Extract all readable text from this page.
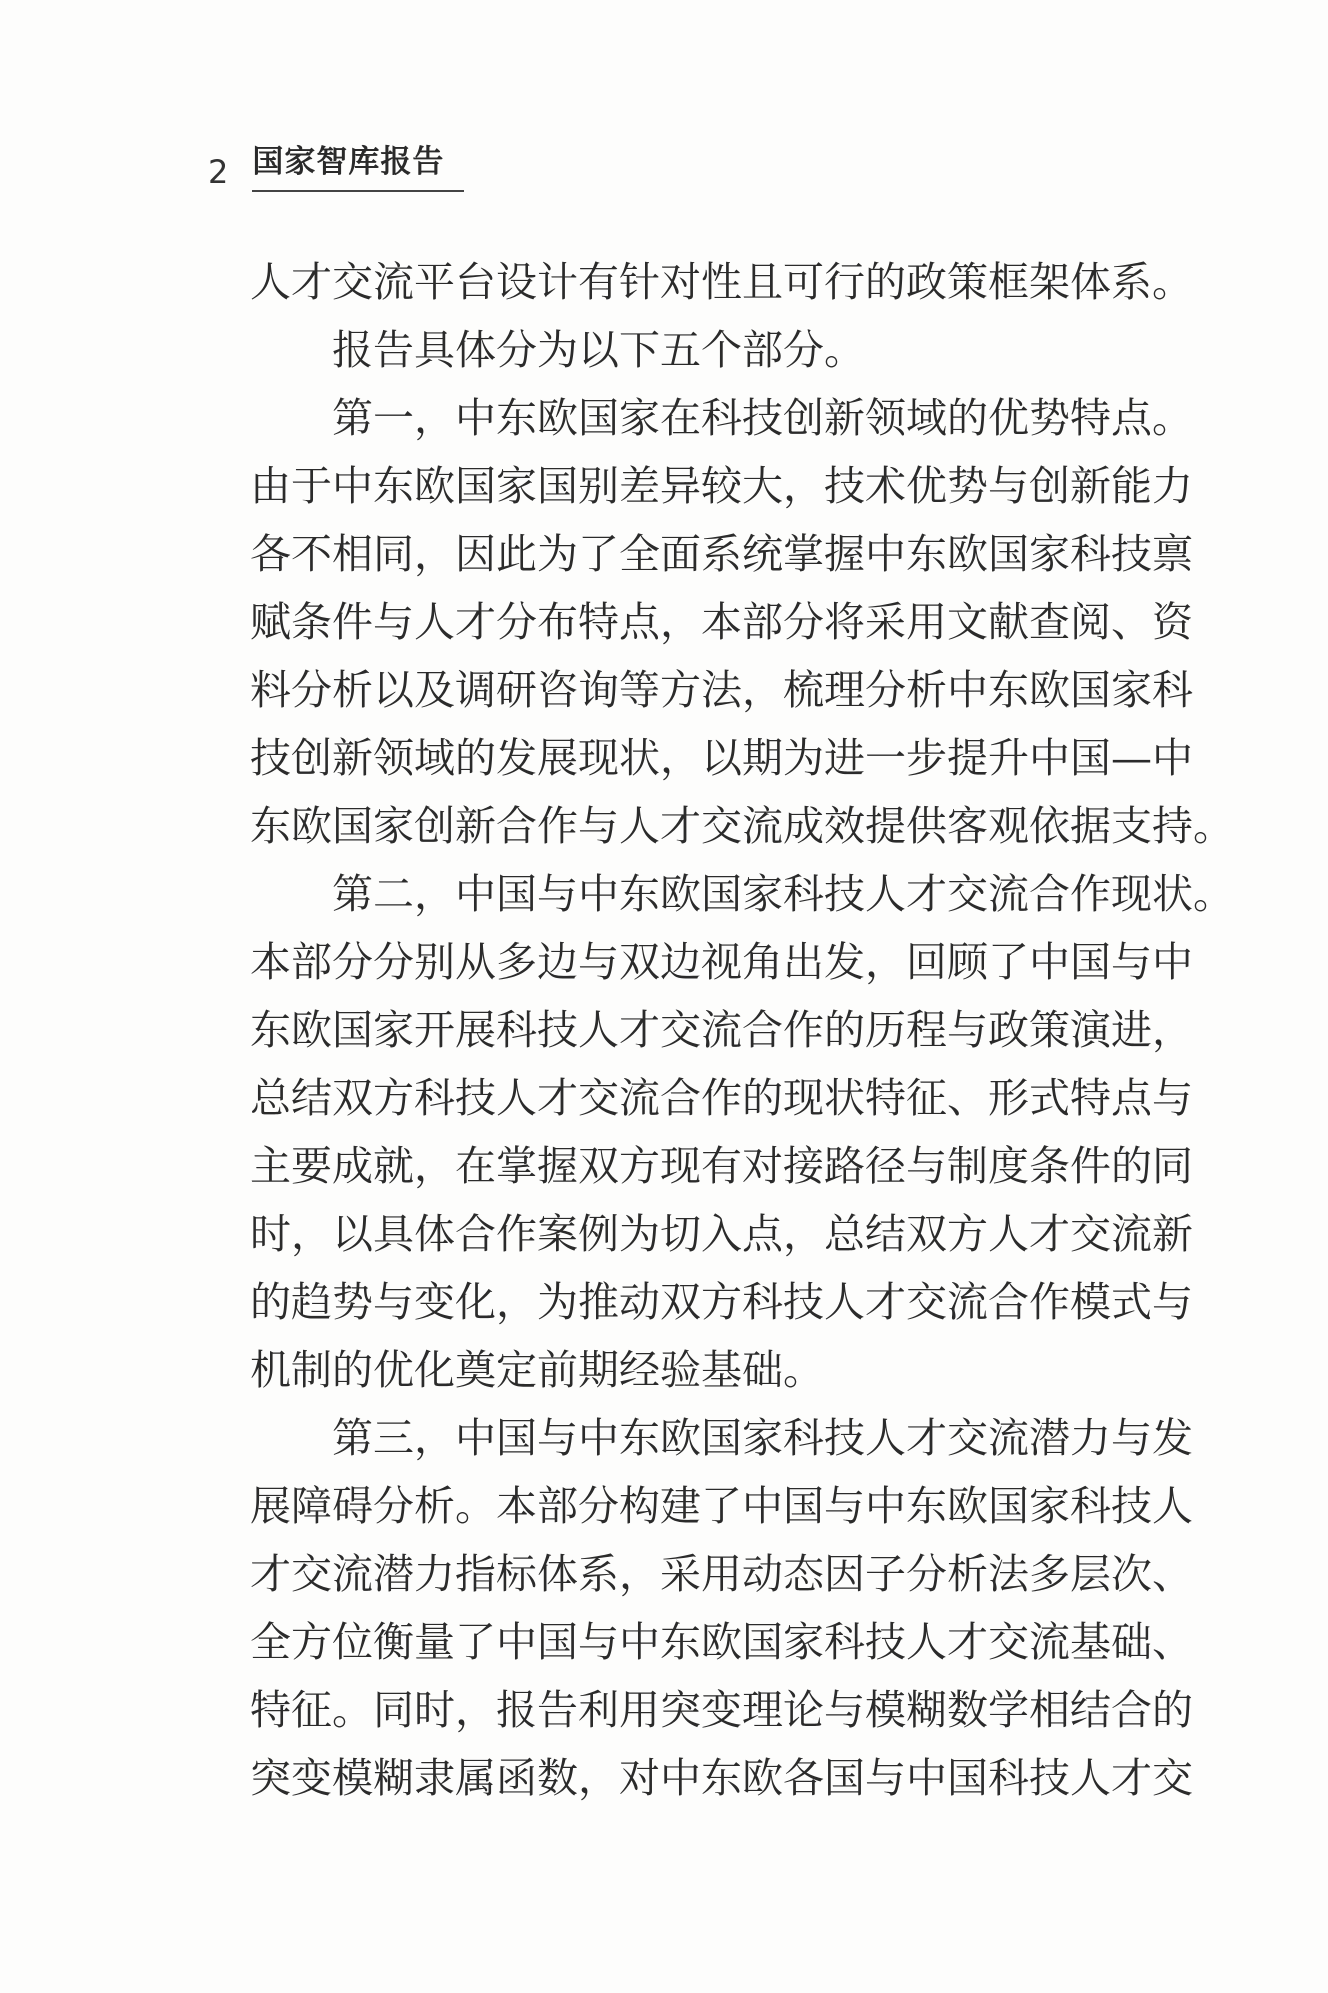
2 国家智库报告
人才交流平台设计有针对性且可行的政策框架体系。
报告具体分为以下五个部分。
第一，中东欧国家在科技创新领域的优势特点。
由于中东欧国家国别差异较大，技术优势与创新能力
各不相同，因此为了全面系统掌握中东欧国家科技禀
赋条件与人才分布特点，本部分将采用文献查阅、资
料分析以及调研咨询等方法，梳理分析中东欧国家科
技创新领域的发展现状，以期为进一步提升中国—中
东欧国家创新合作与人才交流成效提供客观依据支持。
第二，中国与中东欧国家科技人才交流合作现状。
本部分分别从多边与双边视角出发，回顾了中国与中
东欧国家开展科技人才交流合作的历程与政策演进，
总结双方科技人才交流合作的现状特征、形式特点与
主要成就，在掌握双方现有对接路径与制度条件的同
时，以具体合作案例为切入点，总结双方人才交流新
的趋势与变化，为推动双方科技人才交流合作模式与
机制的优化奠定前期经验基础。
第三，中国与中东欧国家科技人才交流潜力与发
展障碍分析。本部分构建了中国与中东欧国家科技人
才交流潜力指标体系，采用动态因子分析法多层次、
全方位衡量了中国与中东欧国家科技人才交流基础、
特征。同时，报告利用突变理论与模糊数学相结合的
突变模糊隶属函数，对中东欧各国与中国科技人才交
